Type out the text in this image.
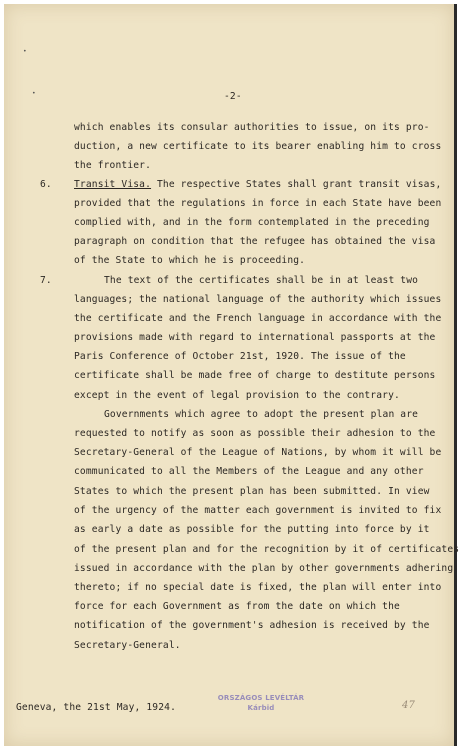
•
•	-2-
which enables its consular authorities to issue, on its pro-
duction, a new certificate to its bearer enabling him to cross
the frontier.
6. Transit Visa. The respective States shall grant transit visas,
provided that the regulations in force in each State have been
complied with, and in the form contemplated in the preceding
paragraph on condition that the refugee has obtained the visa
of the State to which he is proceeding.
7.	The text of the certificates shall be in at least two
languages; the national language of the authority which issues
the certificate and the French language in accordance with the
provisions made with regard to international passports at the
Paris Conference of October 21st, 1920. The issue of the
certificate shall be made free of charge to destitute persons
except in the event of legal provision to the contrary.
Governments which agree to adopt the present plan are
requested to notify as soon as possible their adhesion to the
Secretary-General of the League of Nations, by whom it will be
communicated to all the Members of the League and any other
States to which the present plan has been submitted. In view
of the urgency of the matter each government is invited to fix
as early a date as possible for the putting into force by it
of the present plan and for the recognition by it of certificates
issued in accordance with the plan by other governments adhering
thereto; if no special date is fixed, the plan will enter into
force for each Government as from the date on which the
notification of the government's adhesion is received by the
Secretary-General.
Geneva, the 21st May, 1924.
ORSZÁGOS LEVÉLTÁR
Kárbid	47
